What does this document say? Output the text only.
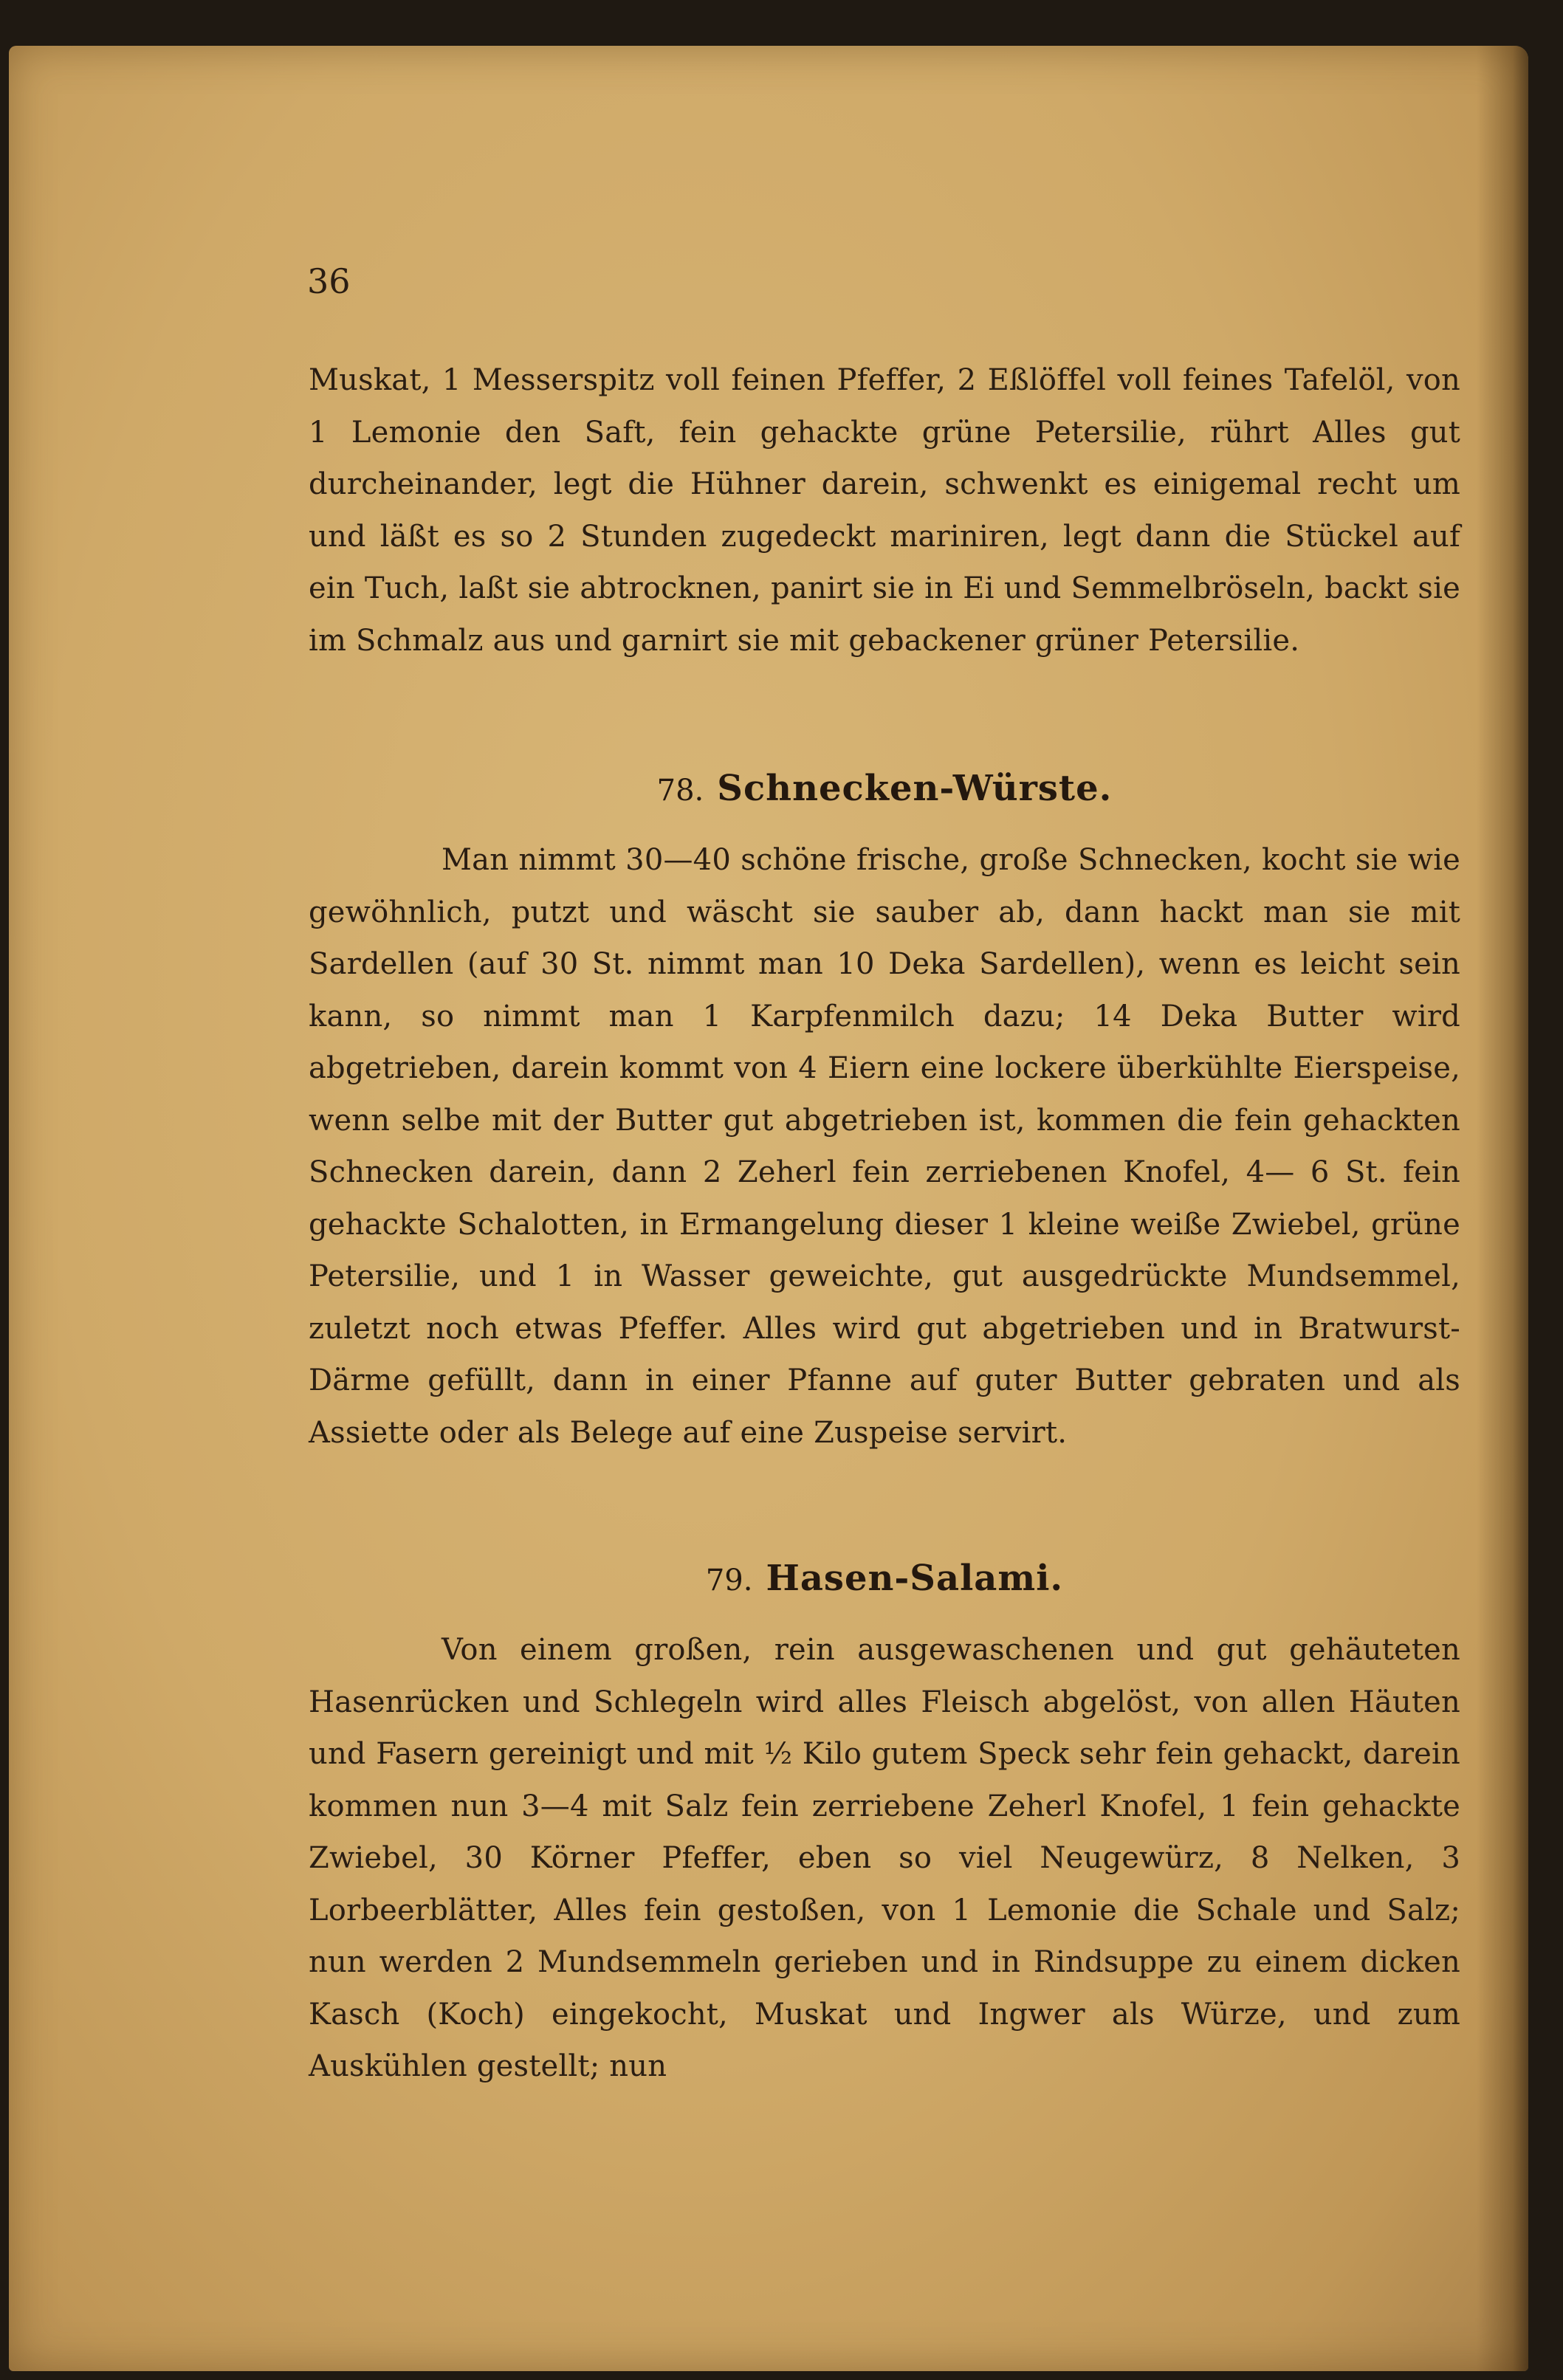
36
Muskat, 1 Messerspitz voll feinen Pfeffer, 2 Eßlöffel voll feines Tafelöl, von 1 Lemonie den Saft, fein gehackte grüne Petersilie, rührt Alles gut durcheinander, legt die Hühner darein, schwenkt es einigemal recht um und läßt es so 2 Stunden zugedeckt mariniren, legt dann die Stückel auf ein Tuch, laßt sie abtrocknen, panirt sie in Ei und Semmelbröseln, backt sie im Schmalz aus und garnirt sie mit gebackener grüner Petersilie.
78. Schnecken-Würste.
Man nimmt 30—40 schöne frische, große Schnecken, kocht sie wie gewöhnlich, putzt und wäscht sie sauber ab, dann hackt man sie mit Sardellen (auf 30 St. nimmt man 10 Deka Sardellen), wenn es leicht sein kann, so nimmt man 1 Karpfenmilch dazu; 14 Deka Butter wird abgetrieben, darein kommt von 4 Eiern eine lockere überkühlte Eierspeise, wenn selbe mit der Butter gut abgetrieben ist, kommen die fein gehackten Schnecken darein, dann 2 Zeherl fein zerriebenen Knofel, 4— 6 St. fein gehackte Schalotten, in Ermangelung dieser 1 kleine weiße Zwiebel, grüne Petersilie, und 1 in Wasser geweichte, gut ausgedrückte Mundsemmel, zuletzt noch etwas Pfeffer. Alles wird gut abgetrieben und in Bratwurst-Därme gefüllt, dann in einer Pfanne auf guter Butter gebraten und als Assiette oder als Belege auf eine Zuspeise servirt.
79. Hasen-Salami.
Von einem großen, rein ausgewaschenen und gut gehäuteten Hasenrücken und Schlegeln wird alles Fleisch abgelöst, von allen Häuten und Fasern gereinigt und mit ½ Kilo gutem Speck sehr fein gehackt, darein kommen nun 3—4 mit Salz fein zerriebene Zeherl Knofel, 1 fein gehackte Zwiebel, 30 Körner Pfeffer, eben so viel Neugewürz, 8 Nelken, 3 Lorbeerblätter, Alles fein gestoßen, von 1 Lemonie die Schale und Salz; nun werden 2 Mundsemmeln gerieben und in Rindsuppe zu einem dicken Kasch (Koch) eingekocht, Muskat und Ingwer als Würze, und zum Auskühlen gestellt; nun
